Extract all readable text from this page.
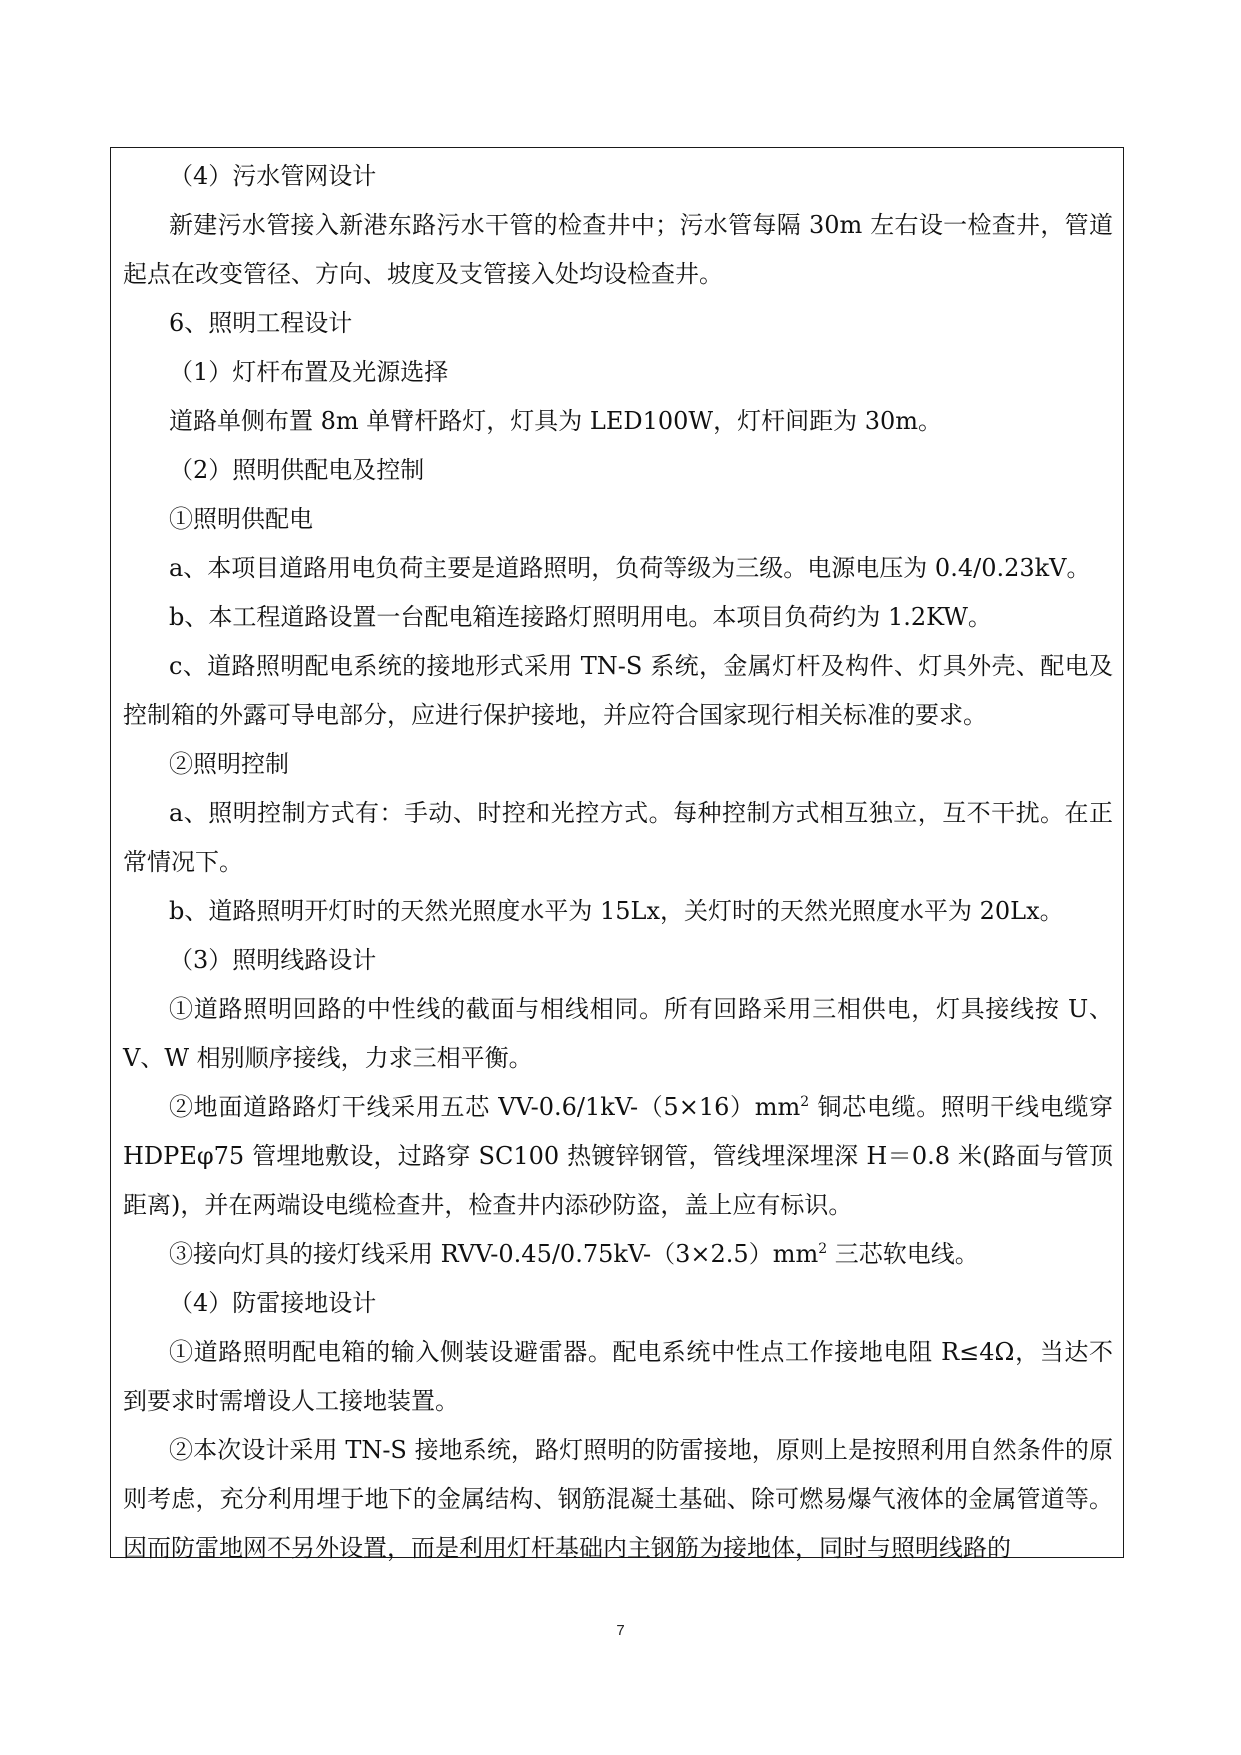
（4）污水管网设计
新建污水管接入新港东路污水干管的检查井中；污水管每隔 30m 左右设一检查井，管道起点在改变管径、方向、坡度及支管接入处均设检查井。
6、照明工程设计
（1）灯杆布置及光源选择
道路单侧布置 8m 单臂杆路灯，灯具为 LED100W，灯杆间距为 30m。
（2）照明供配电及控制
①照明供配电
a、本项目道路用电负荷主要是道路照明，负荷等级为三级。电源电压为 0.4/0.23kV。
b、本工程道路设置一台配电箱连接路灯照明用电。本项目负荷约为 1.2KW。
c、道路照明配电系统的接地形式采用 TN-S 系统，金属灯杆及构件、灯具外壳、配电及控制箱的外露可导电部分，应进行保护接地，并应符合国家现行相关标准的要求。
②照明控制
a、照明控制方式有：手动、时控和光控方式。每种控制方式相互独立，互不干扰。在正常情况下。
b、道路照明开灯时的天然光照度水平为 15Lx，关灯时的天然光照度水平为 20Lx。
（3）照明线路设计
①道路照明回路的中性线的截面与相线相同。所有回路采用三相供电，灯具接线按 U、V、W 相别顺序接线，力求三相平衡。
②地面道路路灯干线采用五芯 $VV-0.6/1kV-(5\times 16)mm^2$ 铜芯电缆。照明干线电缆穿 HDPEφ75 管埋地敷设，过路穿 SC100 热镀锌钢管，管线埋深埋深 H＝0.8 米(路面与管顶距离)，并在两端设电缆检查井，检查井内添砂防盗，盖上应有标识。
③接向灯具的接灯线采用 RVV-$0.45/0.75kV-(3\times 2.5)mm^2$ 三芯软电线。
（4）防雷接地设计
①道路照明配电箱的输入侧装设避雷器。配电系统中性点工作接地电阻 R≤4Ω，当达不到要求时需增设人工接地装置。
②本次设计采用 TN-S 接地系统，路灯照明的防雷接地，原则上是按照利用自然条件的原则考虑，充分利用埋于地下的金属结构、钢筋混凝土基础、除可燃易爆气液体的金属管道等。因而防雷地网不另外设置，而是利用灯杆基础内主钢筋为接地体，同时与照明线路的
7
